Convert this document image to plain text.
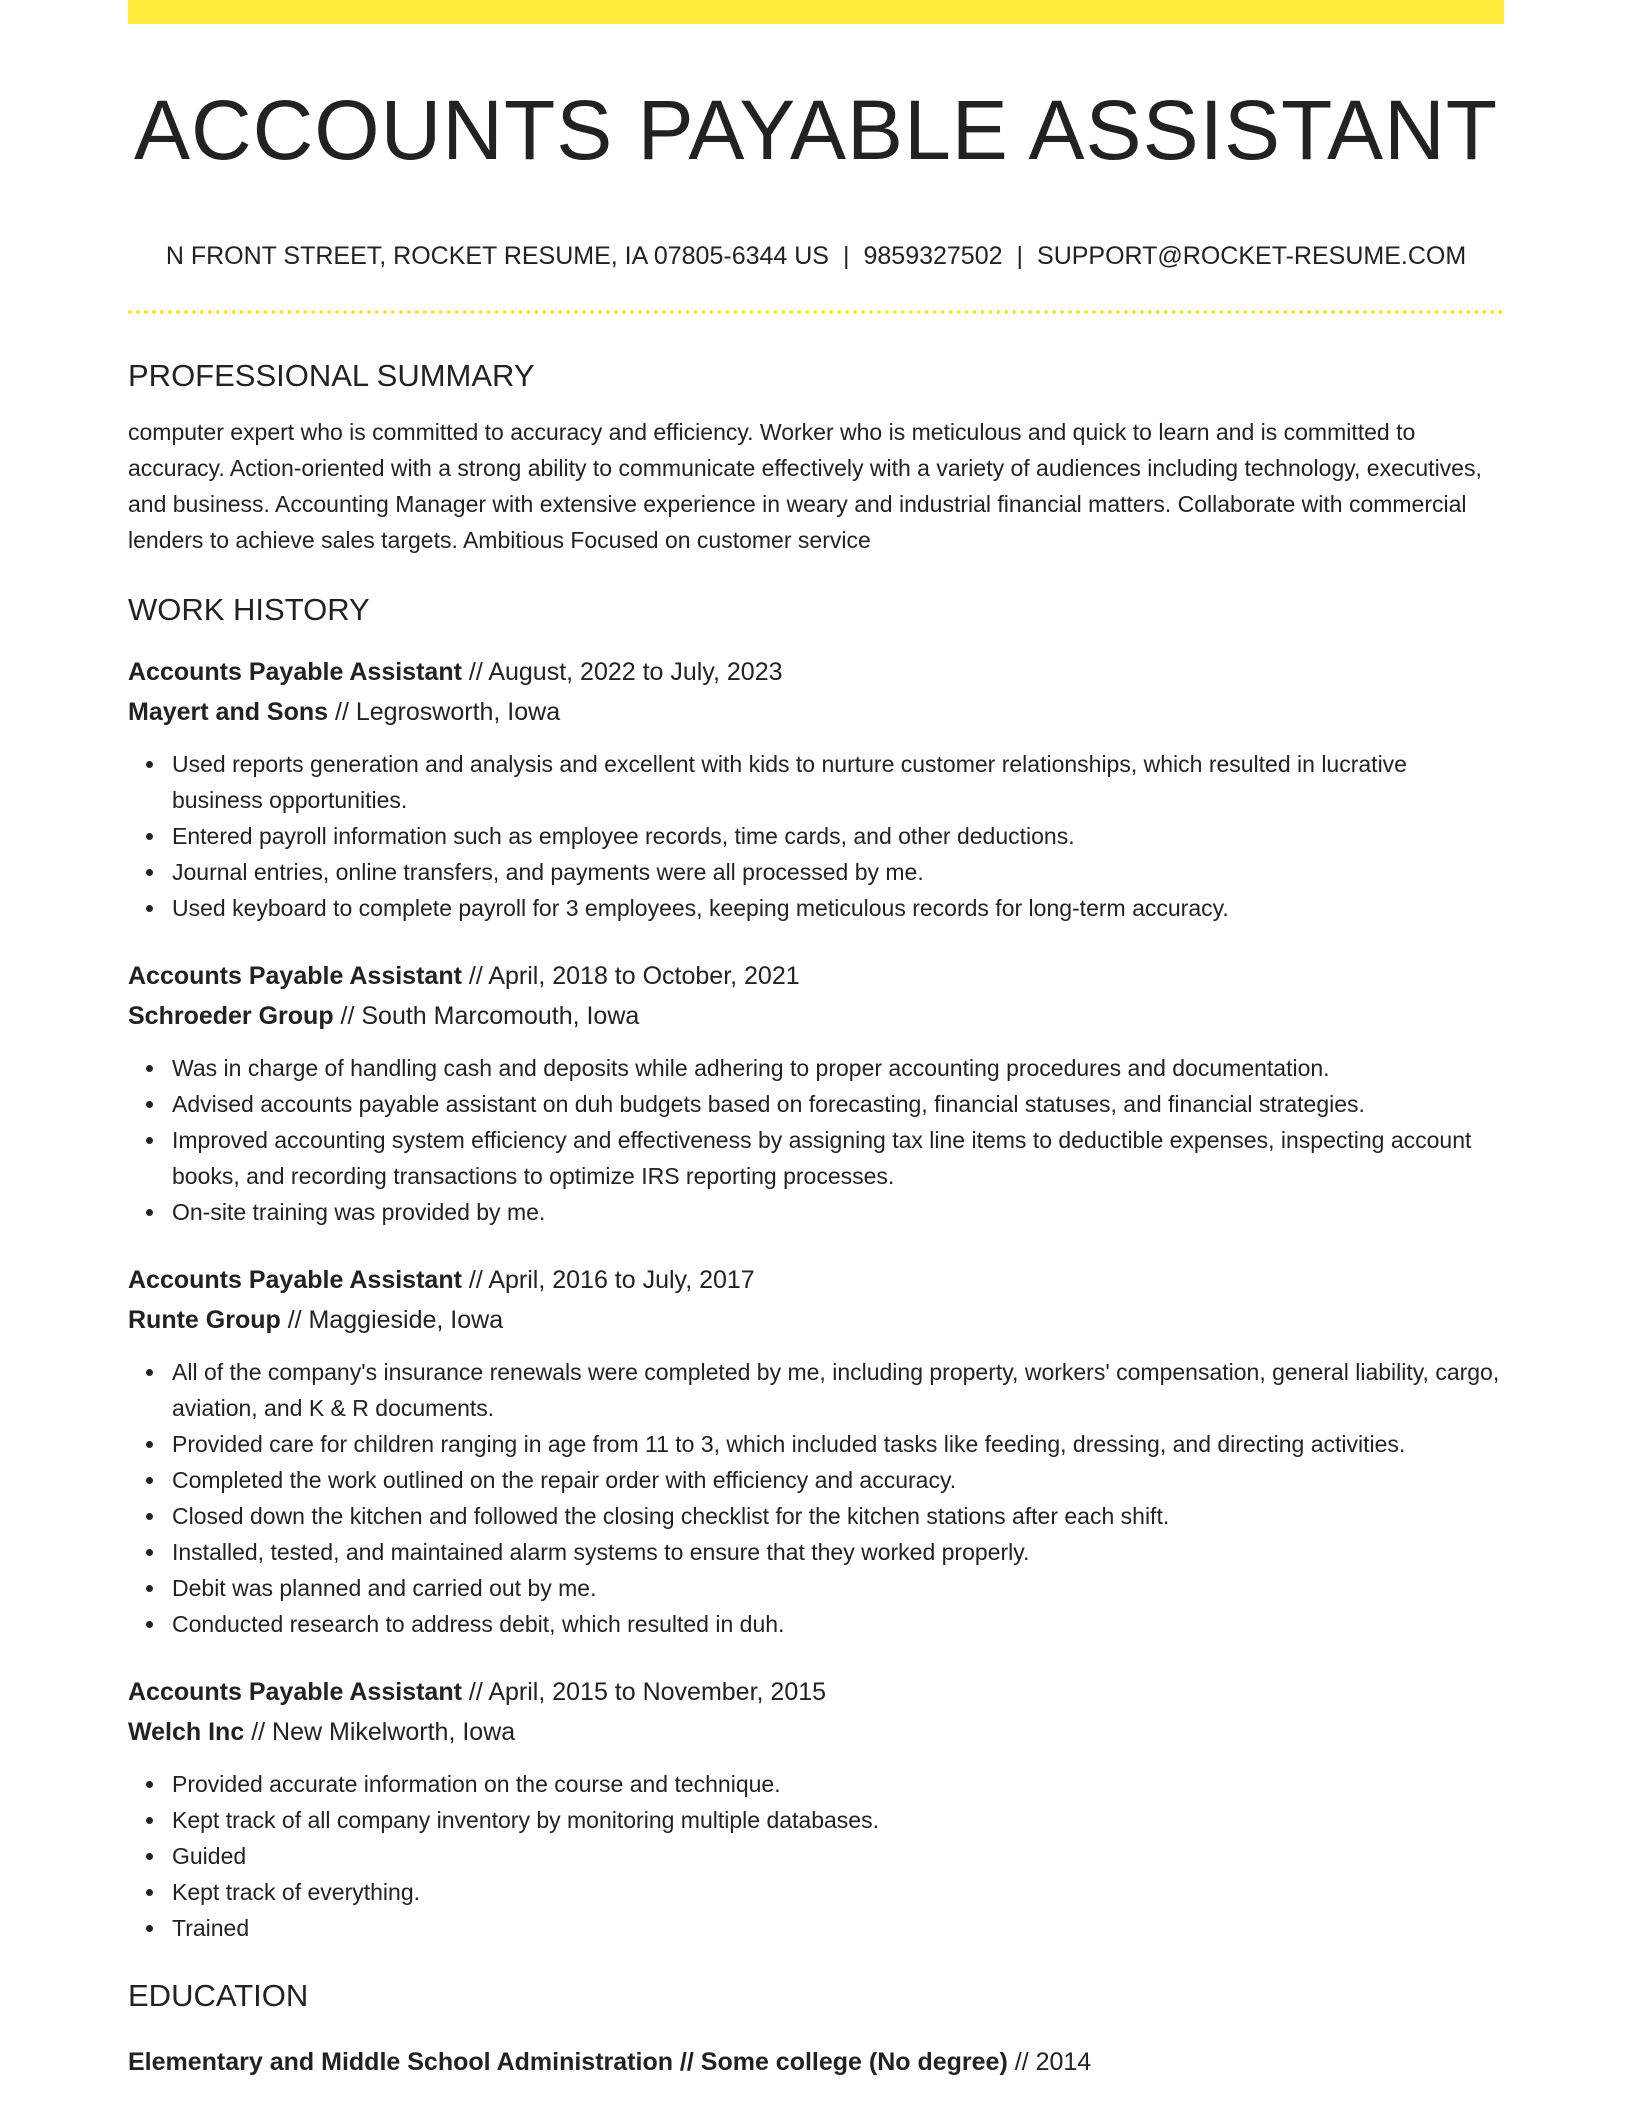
ACCOUNTS PAYABLE ASSISTANT
N FRONT STREET, ROCKET RESUME, IA 07805-6344 US | 9859327502 | SUPPORT@ROCKET-RESUME.COM
PROFESSIONAL SUMMARY
computer expert who is committed to accuracy and efficiency. Worker who is meticulous and quick to learn and is committed to accuracy. Action-oriented with a strong ability to communicate effectively with a variety of audiences including technology, executives, and business. Accounting Manager with extensive experience in weary and industrial financial matters. Collaborate with commercial lenders to achieve sales targets. Ambitious Focused on customer service
WORK HISTORY
Accounts Payable Assistant // August, 2022 to July, 2023
Mayert and Sons // Legrosworth, Iowa
Used reports generation and analysis and excellent with kids to nurture customer relationships, which resulted in lucrative business opportunities.
Entered payroll information such as employee records, time cards, and other deductions.
Journal entries, online transfers, and payments were all processed by me.
Used keyboard to complete payroll for 3 employees, keeping meticulous records for long-term accuracy.
Accounts Payable Assistant // April, 2018 to October, 2021
Schroeder Group // South Marcomouth, Iowa
Was in charge of handling cash and deposits while adhering to proper accounting procedures and documentation.
Advised accounts payable assistant on duh budgets based on forecasting, financial statuses, and financial strategies.
Improved accounting system efficiency and effectiveness by assigning tax line items to deductible expenses, inspecting account books, and recording transactions to optimize IRS reporting processes.
On-site training was provided by me.
Accounts Payable Assistant // April, 2016 to July, 2017
Runte Group // Maggieside, Iowa
All of the company's insurance renewals were completed by me, including property, workers' compensation, general liability, cargo, aviation, and K & R documents.
Provided care for children ranging in age from 11 to 3, which included tasks like feeding, dressing, and directing activities.
Completed the work outlined on the repair order with efficiency and accuracy.
Closed down the kitchen and followed the closing checklist for the kitchen stations after each shift.
Installed, tested, and maintained alarm systems to ensure that they worked properly.
Debit was planned and carried out by me.
Conducted research to address debit, which resulted in duh.
Accounts Payable Assistant // April, 2015 to November, 2015
Welch Inc // New Mikelworth, Iowa
Provided accurate information on the course and technique.
Kept track of all company inventory by monitoring multiple databases.
Guided
Kept track of everything.
Trained
EDUCATION
Elementary and Middle School Administration // Some college (No degree) // 2014
